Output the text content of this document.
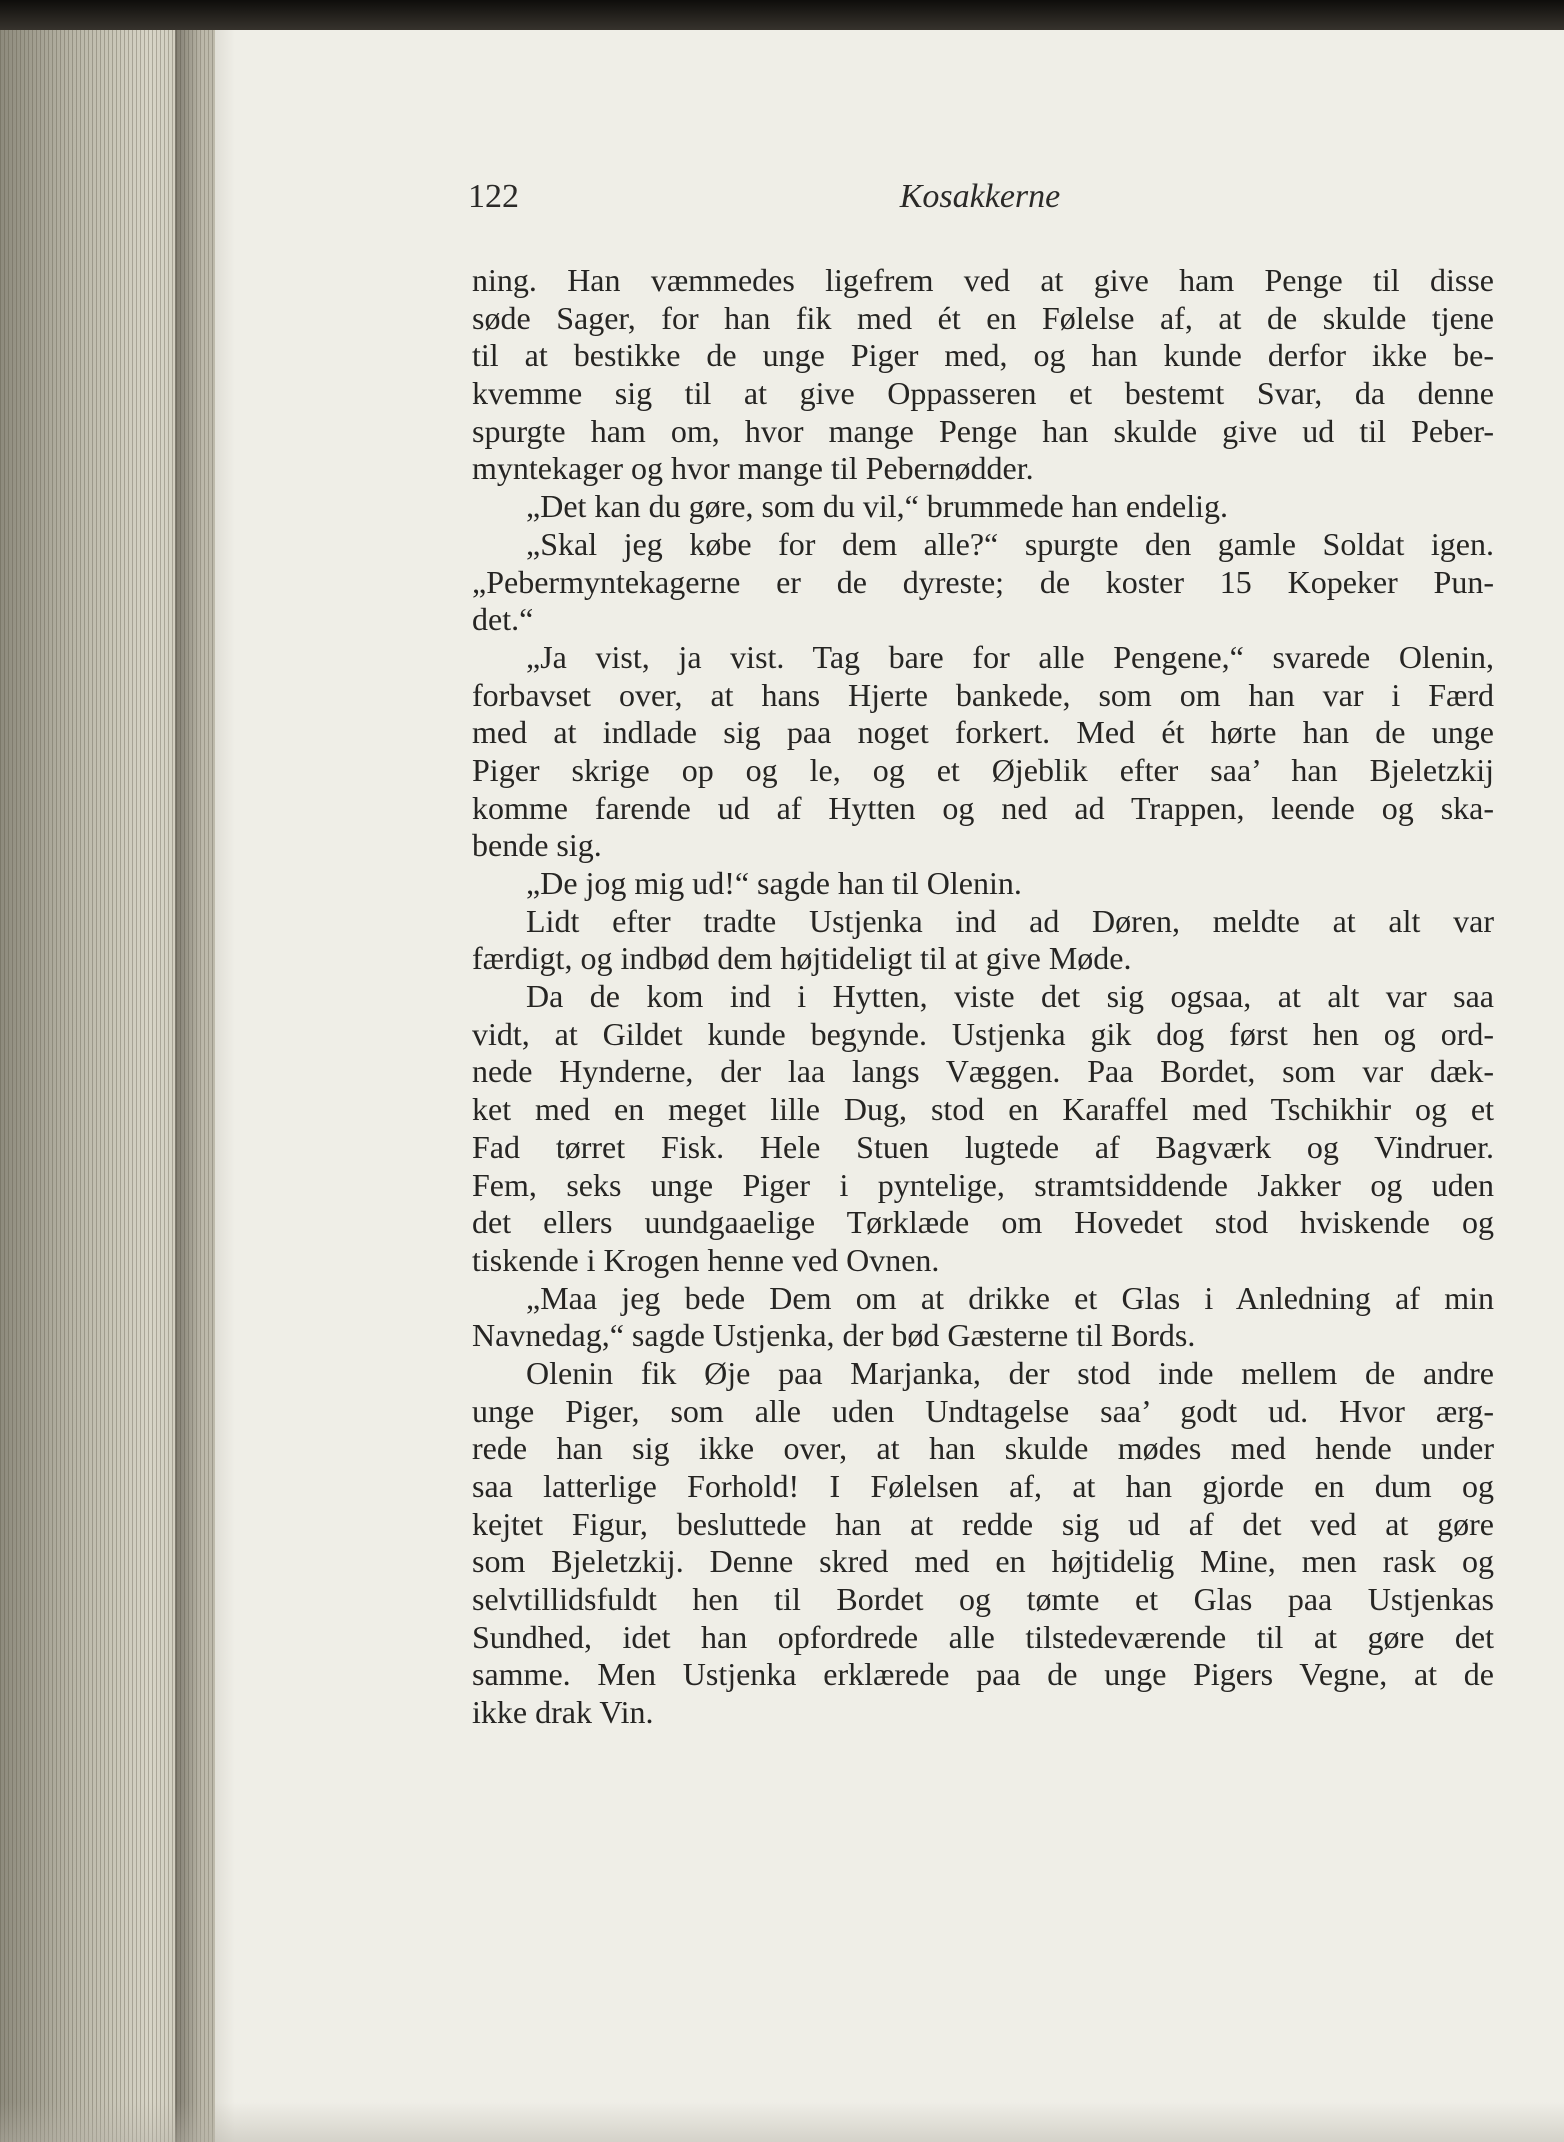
122	Kosakkerne
ning. Han væmmedes ligefrem ved at give ham Penge til disse
søde Sager, for han fik med ét en Følelse af, at de skulde tjene
til at bestikke de unge Piger med, og han kunde derfor ikke be-
kvemme sig til at give Oppasseren et bestemt Svar, da denne
spurgte ham om, hvor mange Penge han skulde give ud til Peber-
myntekager og hvor mange til Pebernødder.
„Det kan du gøre, som du vil,“ brummede han endelig.
„Skal jeg købe for dem alle?“ spurgte den gamle Soldat igen.
„Pebermyntekagerne er de dyreste; de koster 15 Kopeker Pun-
det.“
„Ja vist, ja vist. Tag bare for alle Pengene,“ svarede Olenin,
forbavset over, at hans Hjerte bankede, som om han var i Færd
med at indlade sig paa noget forkert. Med ét hørte han de unge
Piger skrige op og le, og et Øjeblik efter saa’ han Bjeletzkij
komme farende ud af Hytten og ned ad Trappen, leende og ska-
bende sig.
„De jog mig ud!“ sagde han til Olenin.
Lidt efter tradte Ustjenka ind ad Døren, meldte at alt var
færdigt, og indbød dem højtideligt til at give Møde.
Da de kom ind i Hytten, viste det sig ogsaa, at alt var saa
vidt, at Gildet kunde begynde. Ustjenka gik dog først hen og ord-
nede Hynderne, der laa langs Væggen. Paa Bordet, som var dæk-
ket med en meget lille Dug, stod en Karaffel med Tschikhir og et
Fad tørret Fisk. Hele Stuen lugtede af Bagværk og Vindruer.
Fem, seks unge Piger i pyntelige, stramtsiddende Jakker og uden
det ellers uundgaaelige Tørklæde om Hovedet stod hviskende og
tiskende i Krogen henne ved Ovnen.
„Maa jeg bede Dem om at drikke et Glas i Anledning af min
Navnedag,“ sagde Ustjenka, der bød Gæsterne til Bords.
Olenin fik Øje paa Marjanka, der stod inde mellem de andre
unge Piger, som alle uden Undtagelse saa’ godt ud. Hvor ærg-
rede han sig ikke over, at han skulde mødes med hende under
saa latterlige Forhold! I Følelsen af, at han gjorde en dum og
kejtet Figur, besluttede han at redde sig ud af det ved at gøre
som Bjeletzkij. Denne skred med en højtidelig Mine, men rask og
selvtillidsfuldt hen til Bordet og tømte et Glas paa Ustjenkas
Sundhed, idet han opfordrede alle tilstedeværende til at gøre det
samme. Men Ustjenka erklærede paa de unge Pigers Vegne, at de
ikke drak Vin.
